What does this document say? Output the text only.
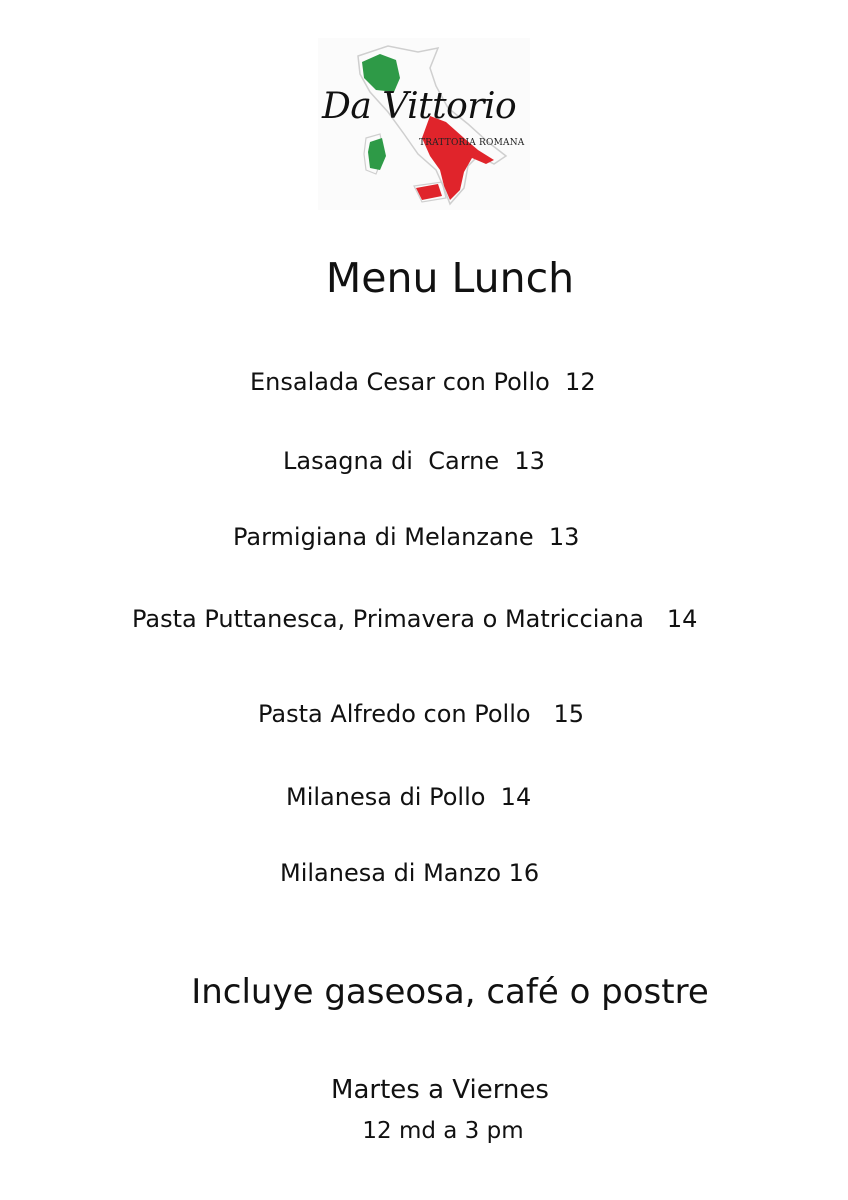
Da Vittorio
TRATTORIA ROMANA
Menu Lunch
Ensalada Cesar con Pollo  12
Lasagna di  Carne  13
Parmigiana di Melanzane  13
Pasta Puttanesca, Primavera o Matricciana   14
Pasta Alfredo con Pollo   15
Milanesa di Pollo  14
Milanesa di Manzo 16
Incluye gaseosa, café o postre
Martes a Viernes
12 md a 3 pm
